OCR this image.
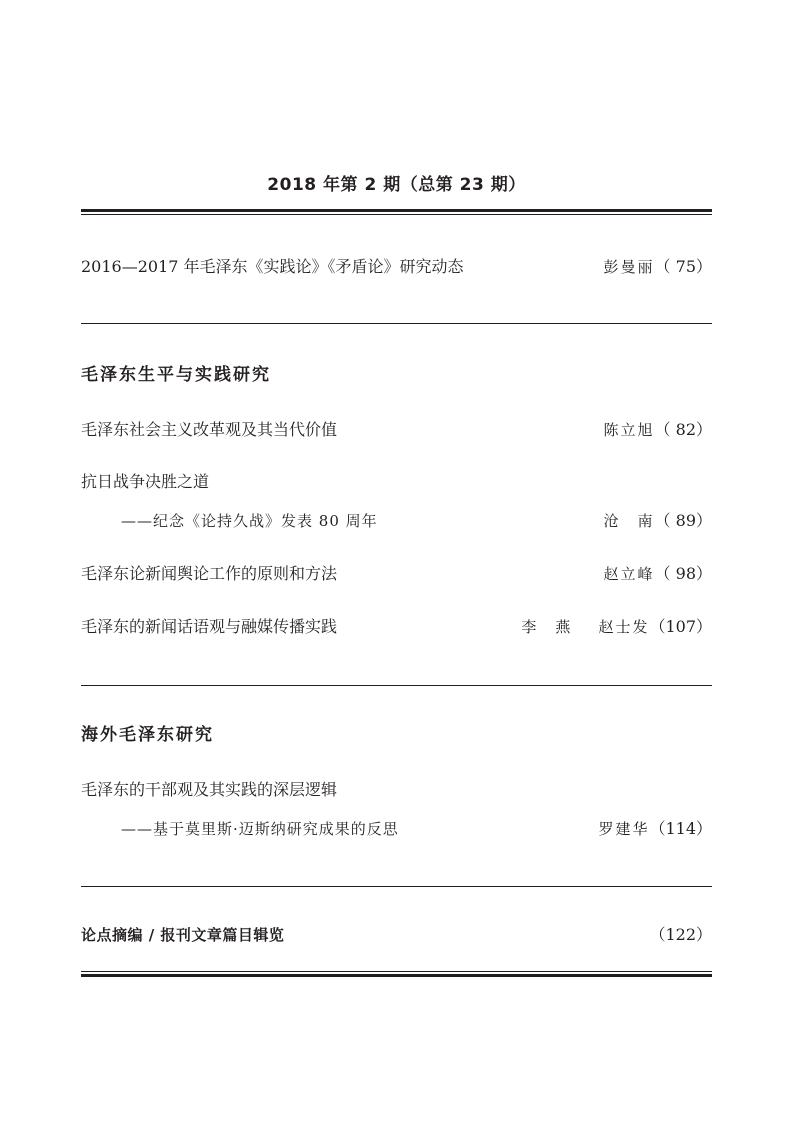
2018 年第 2 期（总第 23 期）
2016—2017 年毛泽东《实践论》《矛盾论》研究动态	彭曼丽（ 75）
毛泽东生平与实践研究
毛泽东社会主义改革观及其当代价值	陈立旭（ 82）
抗日战争决胜之道
——纪念《论持久战》发表 80 周年	沧　南（ 89）
毛泽东论新闻舆论工作的原则和方法	赵立峰（ 98）
毛泽东的新闻话语观与融媒传播实践	李　燕 赵士发（107）
海外毛泽东研究
毛泽东的干部观及其实践的深层逻辑
——基于莫里斯·迈斯纳研究成果的反思	罗建华（114）
论点摘编 / 报刊文章篇目辑览	（122）
